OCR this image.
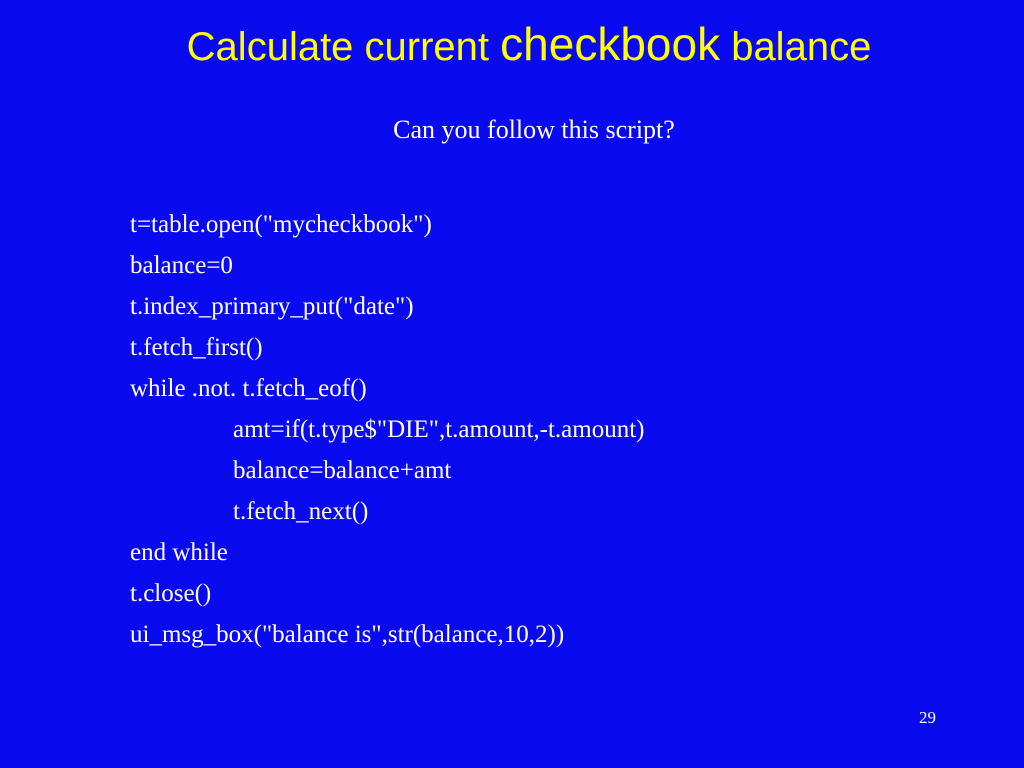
Calculate current checkbook balance
Can you follow this script?
t=table.open("mycheckbook")
balance=0
t.index_primary_put("date")
t.fetch_first()
while .not. t.fetch_eof()
amt=if(t.type$"DIE",t.amount,-t.amount)
balance=balance+amt
t.fetch_next()
end while
t.close()
ui_msg_box("balance is",str(balance,10,2))
29
